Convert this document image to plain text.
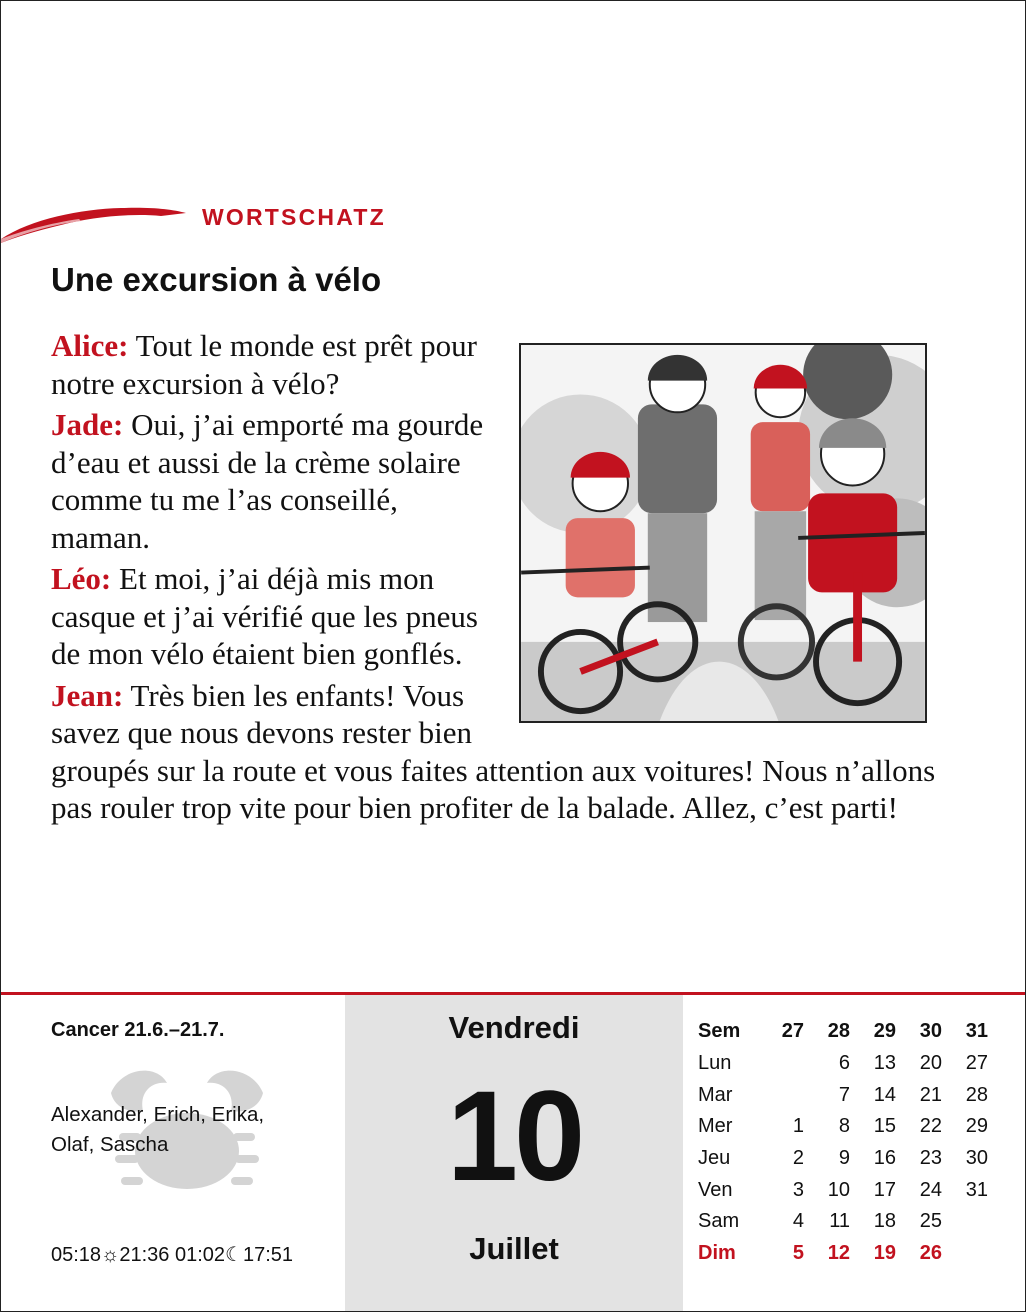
WORTSCHATZ
Une excursion à vélo

Alice: Tout le monde est prêt pour notre excursion à vélo?

Jade: Oui, j’ai emporté ma gourde d’eau et aussi de la crème solaire comme tu me l’as conseillé, maman.

Léo: Et moi, j’ai déjà mis mon casque et j’ai vérifié que les pneus de mon vélo étaient bien gonflés.

Jean: Très bien les enfants! Vous savez que nous devons rester bien groupés sur la route et vous faites attention aux voitures! Nous n’allons pas rouler trop vite pour bien profiter de la balade. Allez, c’est parti!

Cancer 21.6.–21.7.
Alexander, Erich, Erika, Olaf, Sascha
05:18☼21:36 01:02☾17:51
Vendredi
10
Juillet
Sem	27	28	29	30	31
Lun		6	13	20	27
Mar		7	14	21	28
Mer	1	8	15	22	29
Jeu	2	9	16	23	30
Ven	3	10	17	24	31
Sam	4	11	18	25	
Dim	5	12	19	26	
